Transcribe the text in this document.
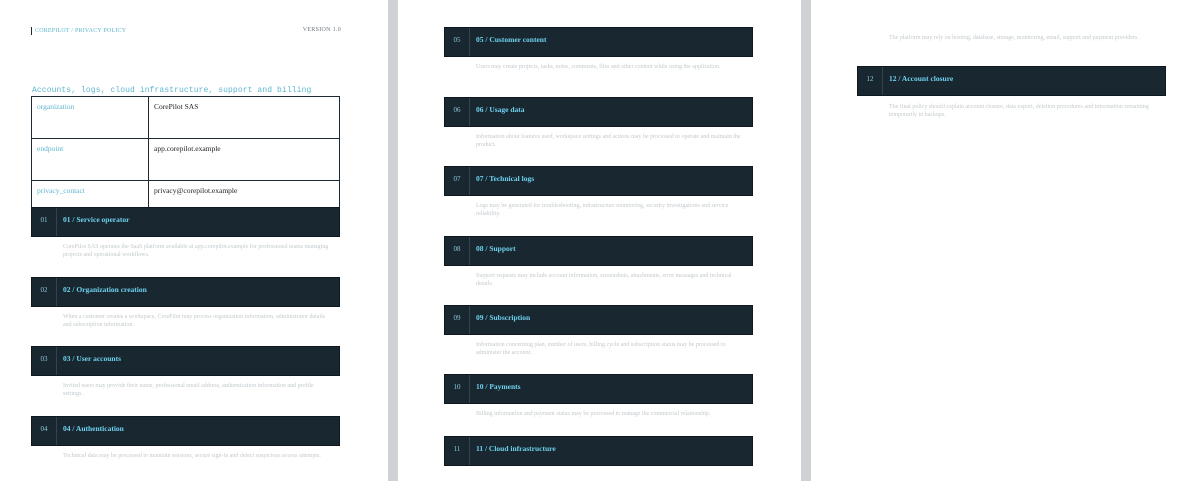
COREPILOT / PRIVACY POLICY	VERSION 1.0
Accounts, logs, cloud infrastructure, support and billing
organization	CorePilot SAS
endpoint	app.corepilot.example
privacy_contact	privacy@corepilot.example
01	01 / Service operator
CorePilot SAS operates the SaaS platform available at app.corepilot.example for professional teams managing projects and operational workflows.
02	02 / Organization creation
When a customer creates a workspace, CorePilot may process organization information, administrator details and subscription information.
03	03 / User accounts
Invited users may provide their name, professional email address, authentication information and profile settings.
04	04 / Authentication
Technical data may be processed to maintain sessions, secure sign-in and detect suspicious access attempts.
05	05 / Customer content
Users may create projects, tasks, notes, comments, files and other content while using the application.
06	06 / Usage data
Information about features used, workspace settings and actions may be processed to operate and maintain the product.
07	07 / Technical logs
Logs may be generated for troubleshooting, infrastructure monitoring, security investigations and service reliability.
08	08 / Support
Support requests may include account information, screenshots, attachments, error messages and technical details.
09	09 / Subscription
Information concerning plan, number of users, billing cycle and subscription status may be processed to administer the account.
10	10 / Payments
Billing information and payment status may be processed to manage the commercial relationship.
11	11 / Cloud infrastructure
The platform may rely on hosting, database, storage, monitoring, email, support and payment providers.
12	12 / Account closure
The final policy should explain account closure, data export, deletion procedures and information remaining temporarily in backups.
